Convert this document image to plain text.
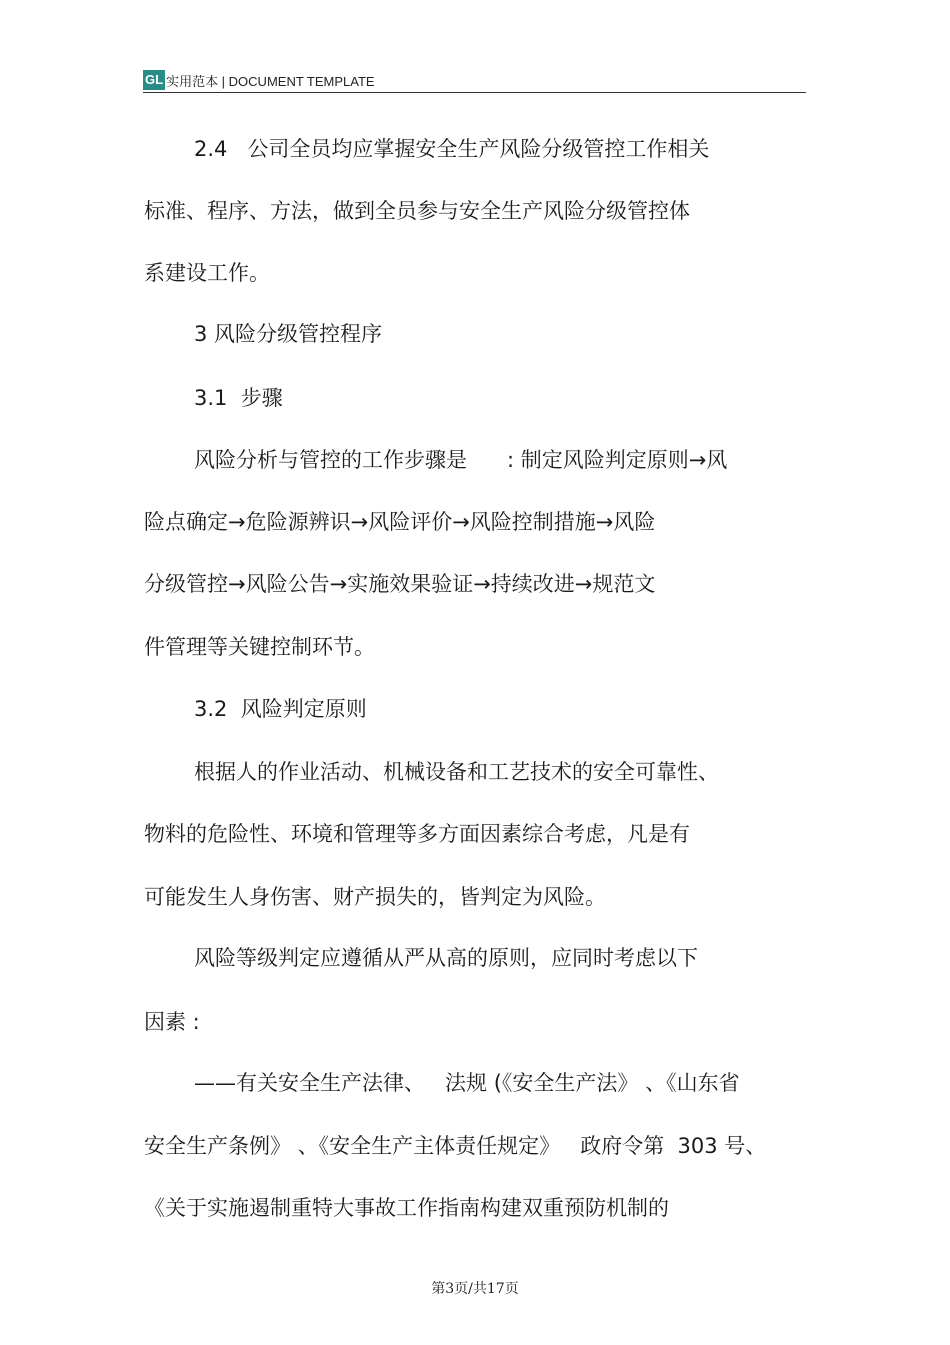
GL 实用范本 | DOCUMENT TEMPLATE
2.4   公司全员均应掌握安全生产风险分级管控工作相关
标准、程序、方法，做到全员参与安全生产风险分级管控体
系建设工作。
3 风险分级管控程序
3.1  步骤
风险分析与管控的工作步骤是      : 制定风险判定原则→风
险点确定→危险源辨识→风险评价→风险控制措施→风险
分级管控→风险公告→实施效果验证→持续改进→规范文
件管理等关键控制环节。
3.2  风险判定原则
根据人的作业活动、机械设备和工艺技术的安全可靠性、
物料的危险性、环境和管理等多方面因素综合考虑，凡是有
可能发生人身伤害、财产损失的，皆判定为风险。
风险等级判定应遵循从严从高的原则，应同时考虑以下
因素 :
——有关安全生产法律、   法规 (《安全生产法》 、《山东省
安全生产条例》 、《安全生产主体责任规定》   政府令第  303 号、
《关于实施遏制重特大事故工作指南构建双重预防机制的
第3页/共17页
